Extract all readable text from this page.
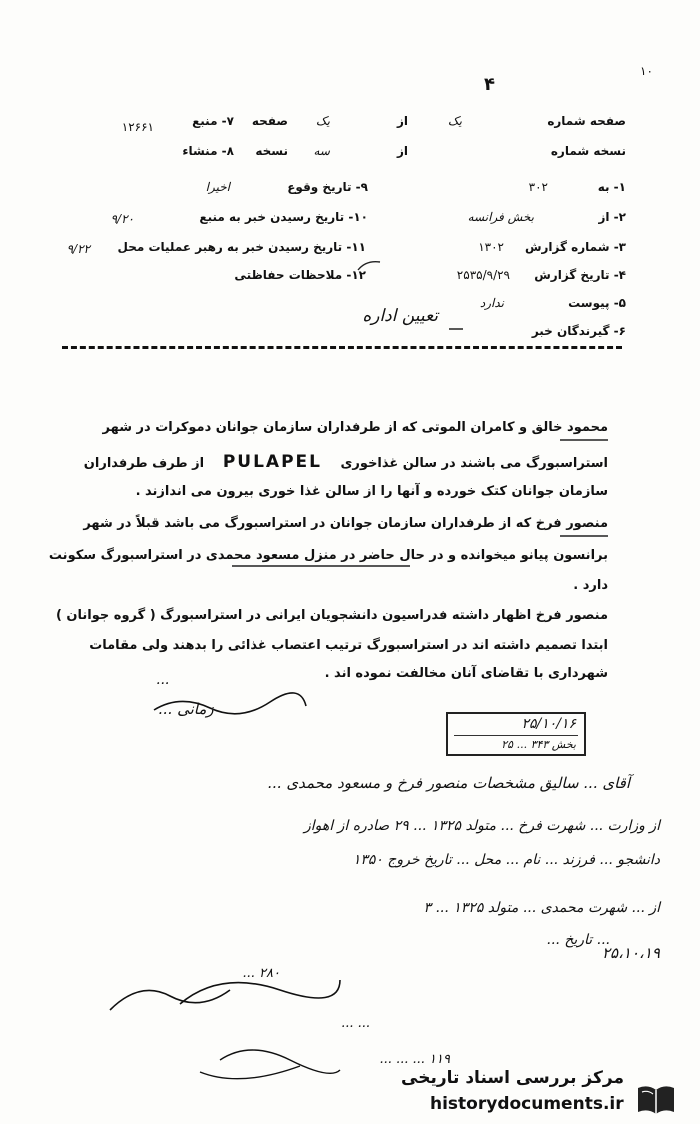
۱۰
۴
صفحه شماره
یک
از
یک
صفحه
۷- منبع
۱۲۶۶۱
نسخه شماره
از
سه
نسخه
۸- منشاء
۱- به
۳۰۲
۹- تاریخ وقوع
اخیرا
۲- از
بخش فرانسه
۱۰- تاریخ رسیدن خبر به منبع
۹/۲۰
۳- شماره گزارش
۱۳۰۲
۱۱- تاریخ رسیدن خبر به رهبر عملیات محل
۹/۲۲
۴- تاریخ گزارش
۲۵۳۵/۹/۲۹
۱۲- ملاحظات حفاظتی
۵- پیوست
ندارد
۶- گیرندگان خبر
تعیین اداره
محمود خالق و کامران الموتی که از طرفداران سازمان جوانان دموکرات در شهر
استراسبورگ می باشند در سالن غذاخوری PULAPEL از طرف طرفداران
سازمان جوانان کتک خورده و آنها را از سالن غذا خوری بیرون می اندازند .
منصور فرخ که از طرفداران سازمان جوانان در استراسبورگ می باشد قبلاً در شهر
برانسون پیانو میخوانده و در حال حاضر در منزل مسعود محمدی در استراسبورگ سکونت
دارد .
منصور فرخ اظهار داشته فدراسیون دانشجویان ایرانی در استراسبورگ ( گروه جوانان )
ابتدا تصمیم داشته اند در استراسبورگ ترتیب اعتصاب غذائی را بدهند ولی مقامات
شهرداری با تقاضای آنان مخالفت نموده اند .
...
زمانی ...
۲۵/۱۰/۱۶
بخش ۳۴۳ ... ۲۵
آقای ... سالیق مشخصات منصور فرخ و مسعود محمدی ...
از وزارت ... شهرت فرخ ... متولد ۱۳۲۵ ... ۲۹ صادره از اهواز
دانشجو ... فرزند ... نام ... محل ... تاریخ خروج ۱۳۵۰
از ... شهرت محمدی ... متولد ۱۳۲۵ ... ۳
... تاریخ ...
۲۵،۱۰،۱۹
... ۲۸۰
... ...
... ... ... ۱۱۹
مرکز بررسی اسناد تاریخی
historydocuments.ir
